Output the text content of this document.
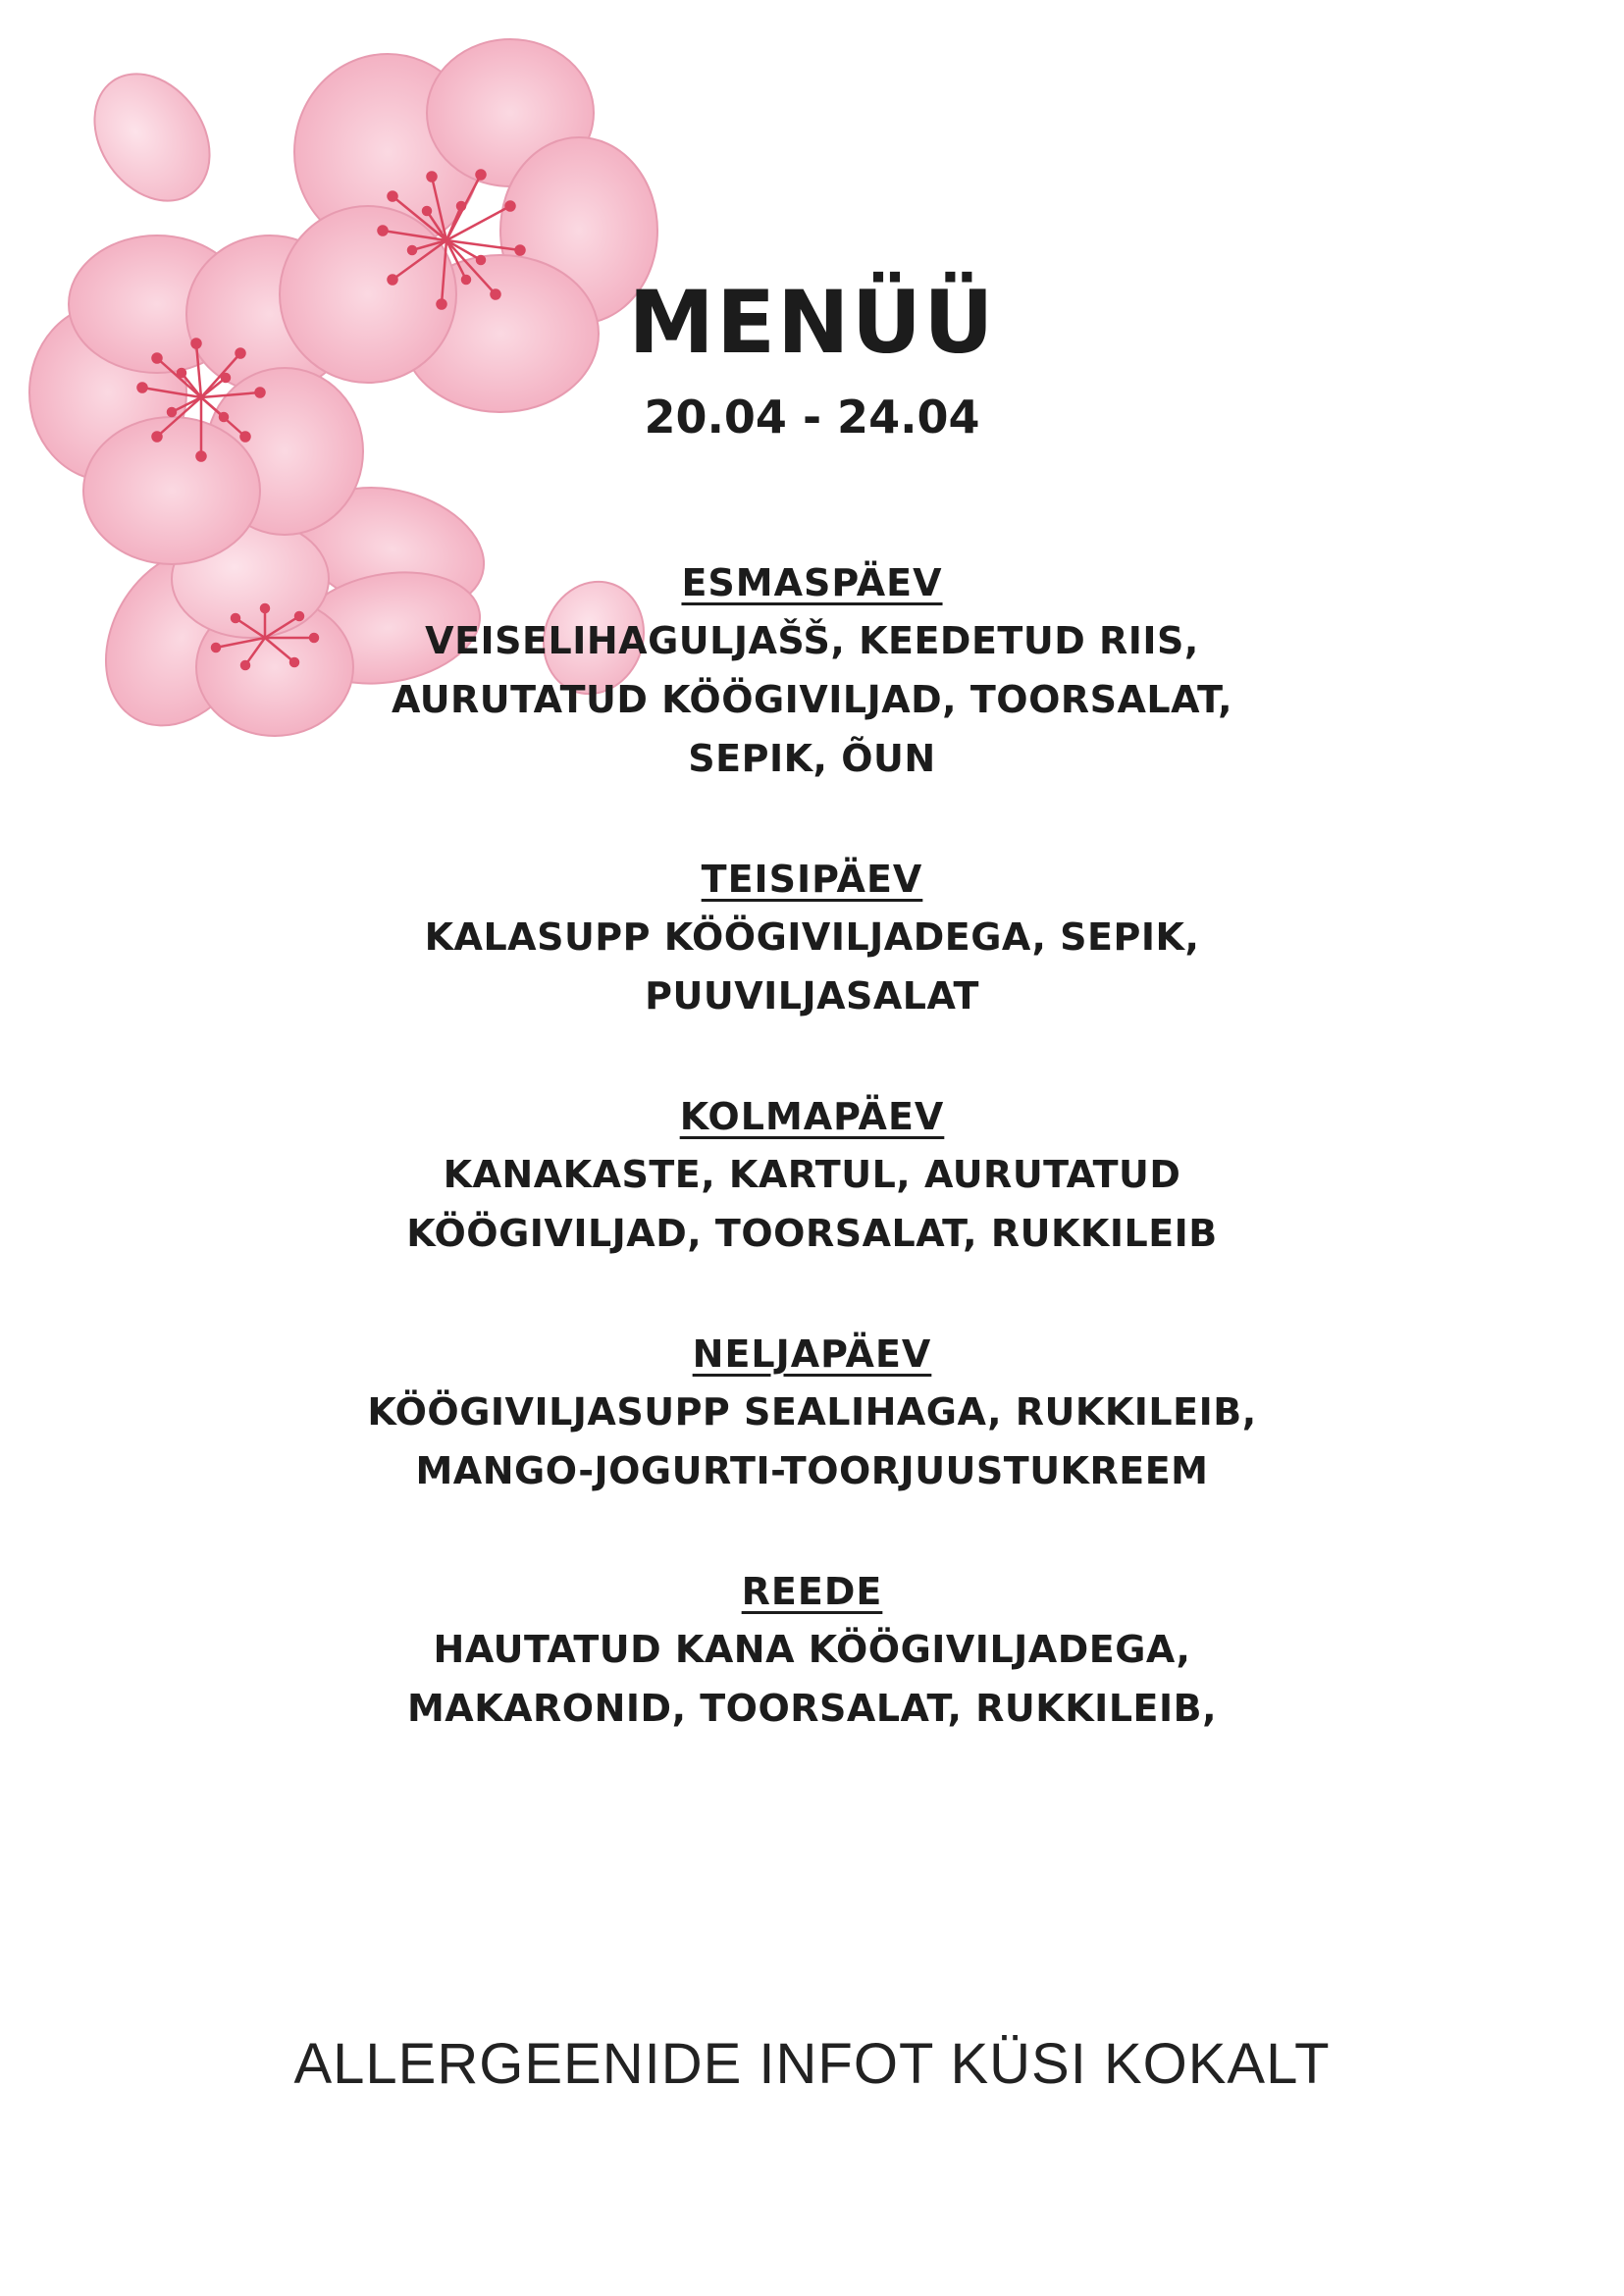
MENÜÜ
20.04 - 24.04
ESMASPÄEV
VEISELIHAGULJAŠŠ, KEEDETUD RIIS,
AURUTATUD KÖÖGIVILJAD, TOORSALAT,
SEPIK, ÕUN
TEISIPÄEV
KALASUPP KÖÖGIVILJADEGA, SEPIK,
PUUVILJASALAT
KOLMAPÄEV
KANAKASTE, KARTUL, AURUTATUD
KÖÖGIVILJAD, TOORSALAT, RUKKILEIB
NELJAPÄEV
KÖÖGIVILJASUPP SEALIHAGA, RUKKILEIB,
MANGO-JOGURTI-TOORJUUSTUKREEM
REEDE
HAUTATUD KANA KÖÖGIVILJADEGA,
MAKARONID, TOORSALAT, RUKKILEIB,
ALLERGEENIDE INFOT KÜSI KOKALT
